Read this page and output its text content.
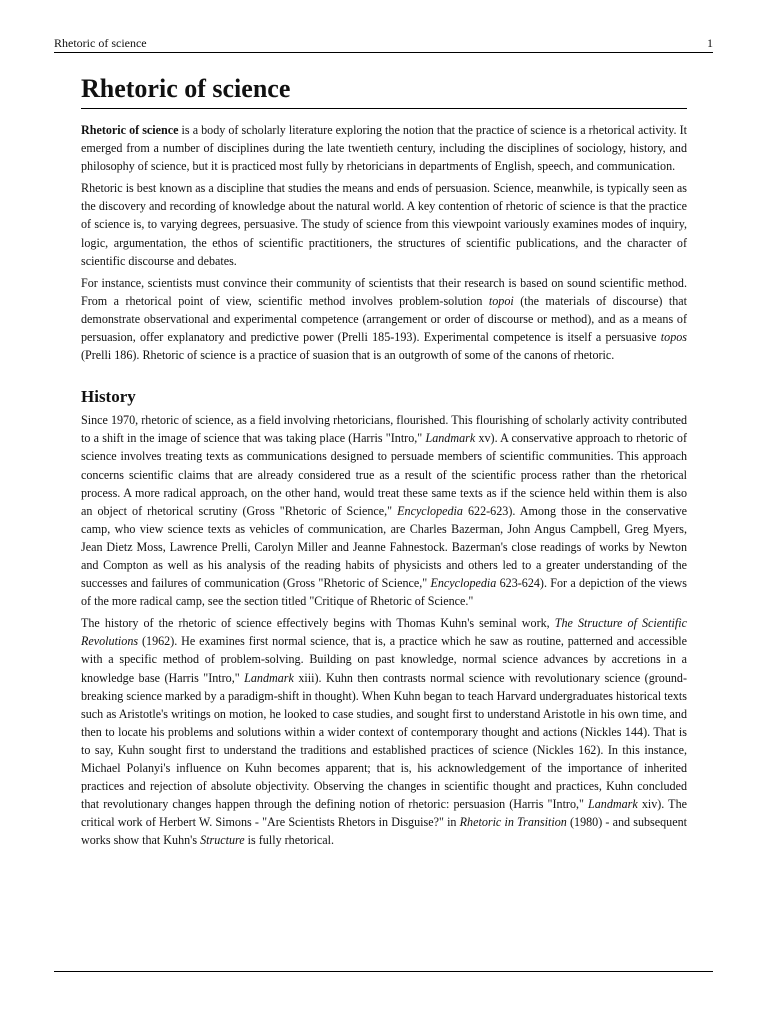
Rhetoric of science	1
Rhetoric of science

Rhetoric of science is a body of scholarly literature exploring the notion that the practice of science is a rhetorical activity. It emerged from a number of disciplines during the late twentieth century, including the disciplines of sociology, history, and philosophy of science, but it is practiced most fully by rhetoricians in departments of English, speech, and communication.

Rhetoric is best known as a discipline that studies the means and ends of persuasion. Science, meanwhile, is typically seen as the discovery and recording of knowledge about the natural world. A key contention of rhetoric of science is that the practice of science is, to varying degrees, persuasive. The study of science from this viewpoint variously examines modes of inquiry, logic, argumentation, the ethos of scientific practitioners, the structures of scientific publications, and the character of scientific discourse and debates.

For instance, scientists must convince their community of scientists that their research is based on sound scientific method. From a rhetorical point of view, scientific method involves problem-solution topoi (the materials of discourse) that demonstrate observational and experimental competence (arrangement or order of discourse or method), and as a means of persuasion, offer explanatory and predictive power (Prelli 185-193). Experimental competence is itself a persuasive topos (Prelli 186). Rhetoric of science is a practice of suasion that is an outgrowth of some of the canons of rhetoric.

History

Since 1970, rhetoric of science, as a field involving rhetoricians, flourished. This flourishing of scholarly activity contributed to a shift in the image of science that was taking place (Harris "Intro," Landmark xv). A conservative approach to rhetoric of science involves treating texts as communications designed to persuade members of scientific communities. This approach concerns scientific claims that are already considered true as a result of the scientific process rather than the rhetorical process. A more radical approach, on the other hand, would treat these same texts as if the science held within them is also an object of rhetorical scrutiny (Gross "Rhetoric of Science," Encyclopedia 622-623). Among those in the conservative camp, who view science texts as vehicles of communication, are Charles Bazerman, John Angus Campbell, Greg Myers, Jean Dietz Moss, Lawrence Prelli, Carolyn Miller and Jeanne Fahnestock. Bazerman's close readings of works by Newton and Compton as well as his analysis of the reading habits of physicists and others led to a greater understanding of the successes and failures of communication (Gross "Rhetoric of Science," Encyclopedia 623-624). For a depiction of the views of the more radical camp, see the section titled "Critique of Rhetoric of Science."

The history of the rhetoric of science effectively begins with Thomas Kuhn's seminal work, The Structure of Scientific Revolutions (1962). He examines first normal science, that is, a practice which he saw as routine, patterned and accessible with a specific method of problem-solving. Building on past knowledge, normal science advances by accretions in a knowledge base (Harris "Intro," Landmark xiii). Kuhn then contrasts normal science with revolutionary science (ground-breaking science marked by a paradigm-shift in thought). When Kuhn began to teach Harvard undergraduates historical texts such as Aristotle's writings on motion, he looked to case studies, and sought first to understand Aristotle in his own time, and then to locate his problems and solutions within a wider context of contemporary thought and actions (Nickles 144). That is to say, Kuhn sought first to understand the traditions and established practices of science (Nickles 162). In this instance, Michael Polanyi's influence on Kuhn becomes apparent; that is, his acknowledgement of the importance of inherited practices and rejection of absolute objectivity. Observing the changes in scientific thought and practices, Kuhn concluded that revolutionary changes happen through the defining notion of rhetoric: persuasion (Harris "Intro," Landmark xiv). The critical work of Herbert W. Simons - "Are Scientists Rhetors in Disguise?" in Rhetoric in Transition (1980) - and subsequent works show that Kuhn's Structure is fully rhetorical.
